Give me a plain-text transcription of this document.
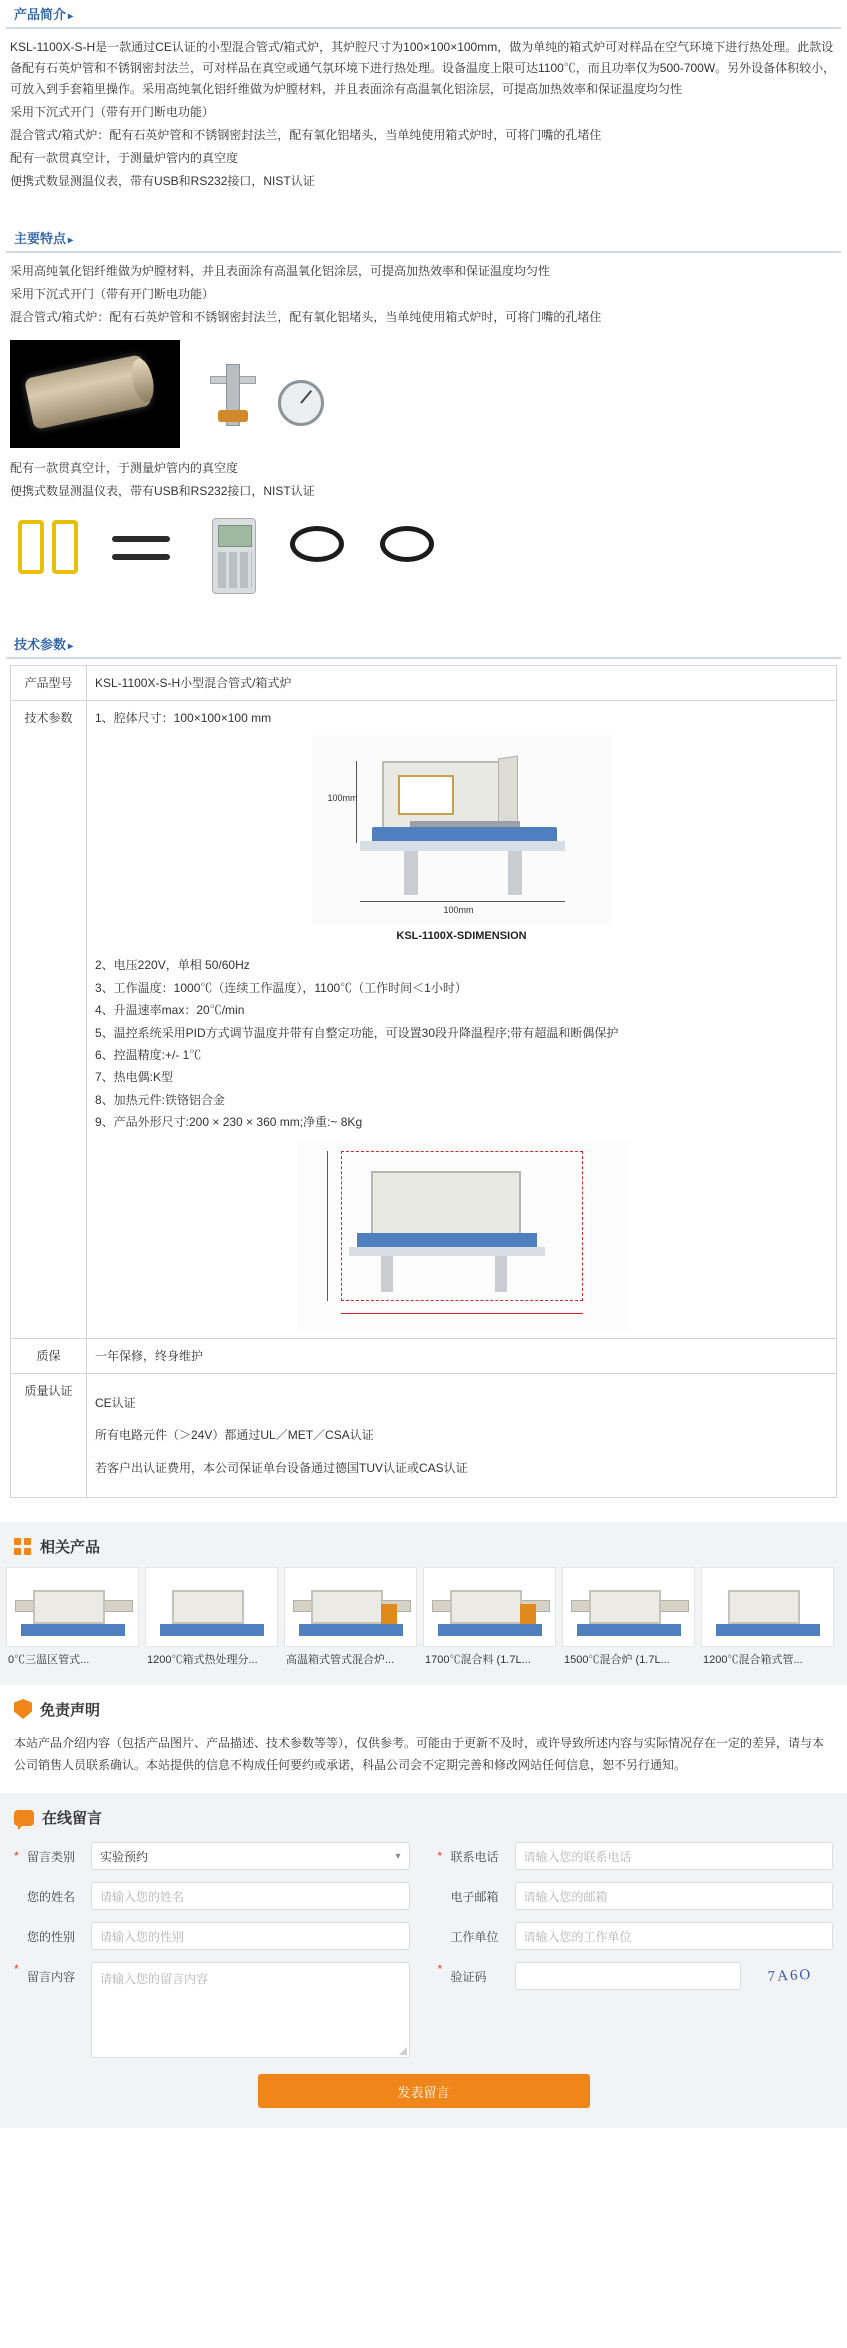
产品简介 ▸

KSL-1100X-S-H是一款通过CE认证的小型混合管式/箱式炉，其炉腔尺寸为100×100×100mm，做为单纯的箱式炉可对样品在空气环境下进行热处理。此款设备配有石英炉管和不锈钢密封法兰，可对样品在真空或通气氛环境下进行热处理。设备温度上限可达1100℃，而且功率仅为500-700W。另外设备体积较小，可放入到手套箱里操作。采用高纯氧化铝纤维做为炉膛材料，并且表面涂有高温氧化铝涂层，可提高加热效率和保证温度均匀性

采用下沉式开门（带有开门断电功能）

混合管式/箱式炉：配有石英炉管和不锈钢密封法兰，配有氧化铝堵头，当单纯使用箱式炉时，可将门嘴的孔堵住

配有一款贯真空计，于测量炉管内的真空度

便携式数显测温仪表，带有USB和RS232接口，NIST认证

主要特点 ▸

采用高纯氧化铝纤维做为炉膛材料，并且表面涂有高温氧化铝涂层，可提高加热效率和保证温度均匀性

采用下沉式开门（带有开门断电功能）

混合管式/箱式炉：配有石英炉管和不锈钢密封法兰，配有氧化铝堵头，当单纯使用箱式炉时，可将门嘴的孔堵住

配有一款贯真空计，于测量炉管内的真空度

便携式数显测温仪表，带有USB和RS232接口，NIST认证

技术参数 ▸
产品型号	KSL-1100X-S-H小型混合管式/箱式炉
技术参数	1、腔体尺寸：100×100×100 mm

100mm
100mm
KSL-1100X-SDIMENSION

2、电压220V，单相 50/60Hz

3、工作温度：1000℃（连续工作温度），1100℃（工作时间＜1小时）

4、升温速率max：20℃/min

5、温控系统采用PID方式调节温度并带有自整定功能，可设置30段升降温程序;带有超温和断偶保护

6、控温精度:+/- 1℃

7、热电偶:K型

8、加热元件:铁铬铝合金

9、产品外形尺寸:200 × 230 × 360 mm;净重:~ 8Kg

质保	一年保修，终身维护
质量认证	CE认证

所有电路元件（＞24V）都通过UL／MET／CSA认证

若客户出认证费用，本公司保证单台设备通过德国TUV认证或CAS认证

相关产品
0℃三温区管式...	1200℃箱式热处理分...	高温箱式管式混合炉...	1700℃混合料 (1.7L...	1500℃混合炉 (1.7L...	1200℃混合箱式管...
免责声明
本站产品介绍内容（包括产品图片、产品描述、技术参数等等），仅供参考。可能由于更新不及时，或许导致所述内容与实际情况存在一定的差异，请与本公司销售人员联系确认。本站提供的信息不构成任何要约或承诺，科晶公司会不定期完善和修改网站任何信息，恕不另行通知。
在线留言
* 留言类别	实验预约	▾	* 联系电话	请输入您的联系电话
您的姓名	请输入您的姓名	电子邮箱	请输入您的邮箱
您的性别	请输入您的性别	工作单位	请输入您的工作单位
*
留言内容	请输入您的留言内容
*
验证码	7A6O
发表留言
